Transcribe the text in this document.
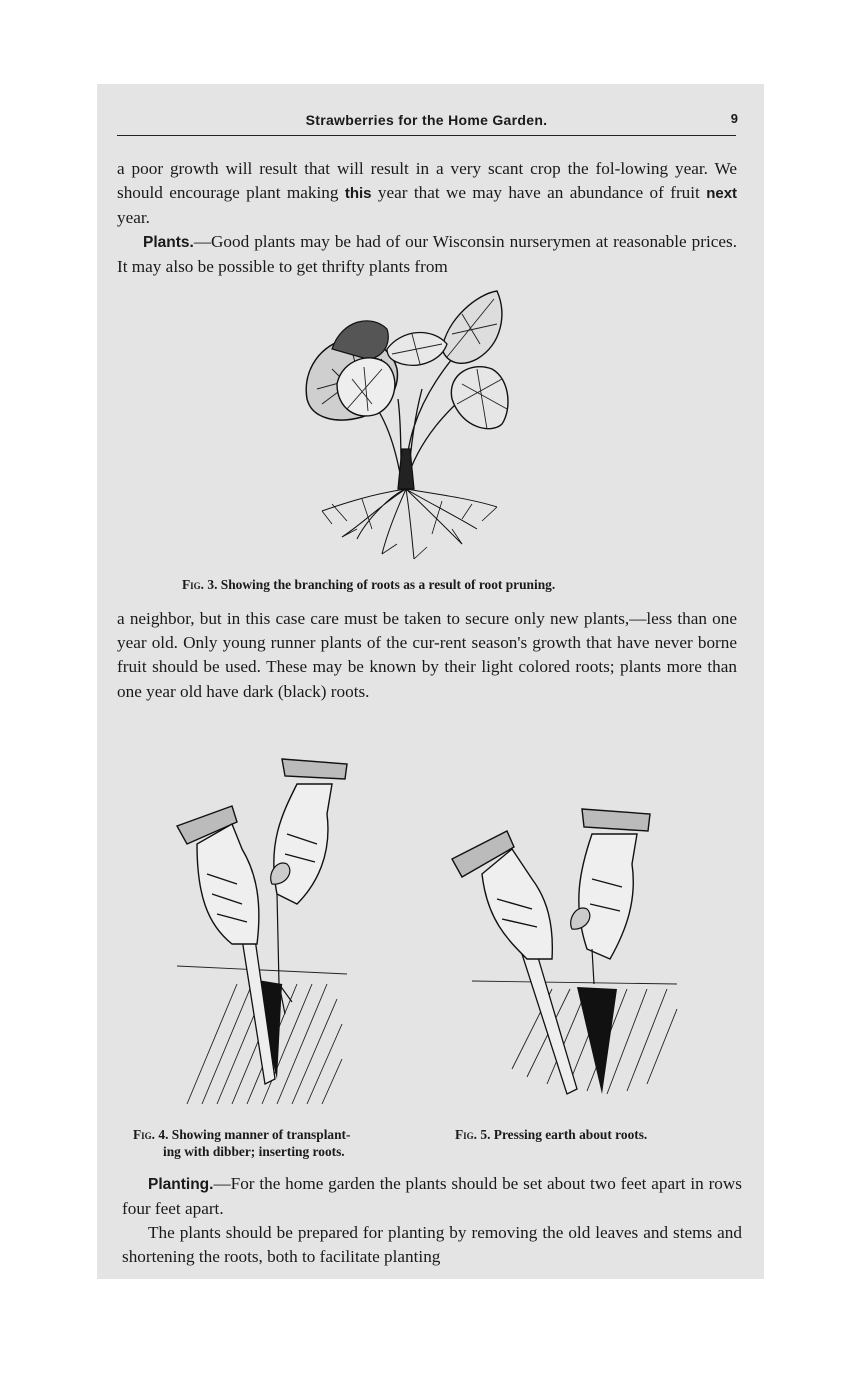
Strawberries for the Home Garden.	9

a poor growth will result that will result in a very scant crop the fol-lowing year. We should encourage plant making this year that we may have an abundance of fruit next year.

Plants.—Good plants may be had of our Wisconsin nurserymen at reasonable prices. It may also be possible to get thrifty plants from

Fig. 3. Showing the branching of roots as a result of root pruning.

a neighbor, but in this case care must be taken to secure only new plants,—less than one year old. Only young runner plants of the cur-rent season's growth that have never borne fruit should be used. These may be known by their light colored roots; plants more than one year old have dark (black) roots.

Fig. 4. Showing manner of transplant-
ing with dibber; inserting roots.

Fig. 5. Pressing earth about roots.

Planting.—For the home garden the plants should be set about two feet apart in rows four feet apart.

The plants should be prepared for planting by removing the old leaves and stems and shortening the roots, both to facilitate planting
